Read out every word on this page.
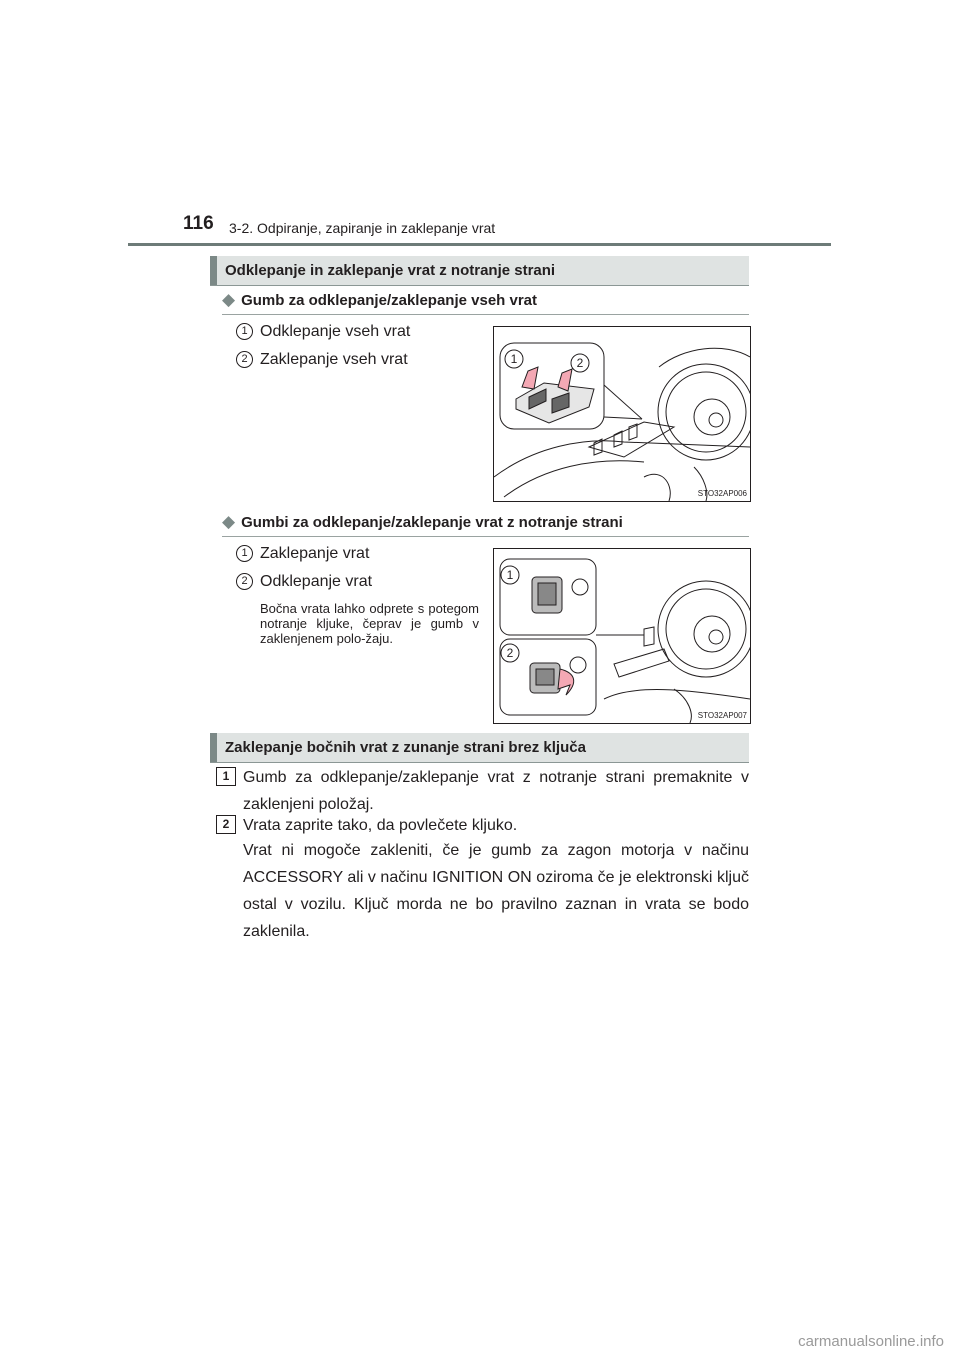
116 3-2. Odpiranje, zapiranje in zaklepanje vrat
Odklepanje in zaklepanje vrat z notranje strani
◆ Gumb za odklepanje/zaklepanje vseh vrat
1 Odklepanje vseh vrat
2 Zaklepanje vseh vrat	1	2
STO32AP006
◆ Gumbi za odklepanje/zaklepanje vrat z notranje strani
1 Zaklepanje vrat
2 Odklepanje vrat
Bočna vrata lahko odprete s potegom notranje kljuke, čeprav je gumb v zaklenjenem polo-žaju.
1
2
STO32AP007
Zaklepanje bočnih vrat z zunanje strani brez ključa
1 Gumb za odklepanje/zaklepanje vrat z notranje strani premaknite v zaklenjeni položaj.
2 Vrata zaprite tako, da povlečete kljuko.
Vrat ni mogoče zakleniti, če je gumb za zagon motorja v načinu ACCESSORY ali v načinu IGNITION ON oziroma če je elektronski ključ ostal v vozilu. Ključ morda ne bo pravilno zaznan in vrata se bodo zaklenila.
carmanualsonline.info
